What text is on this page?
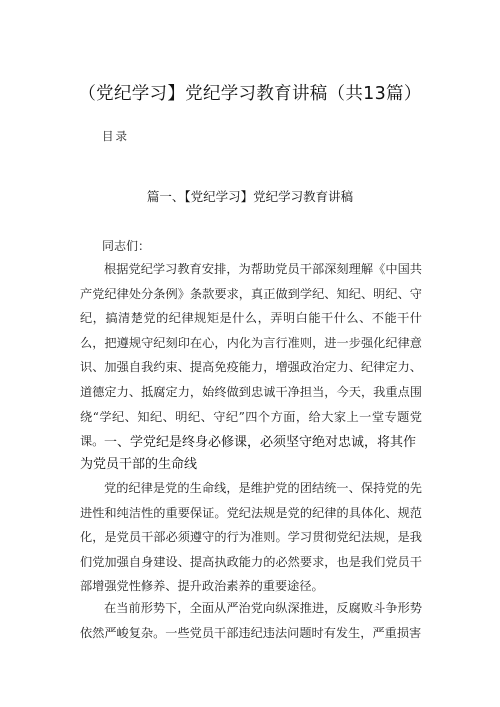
（党纪学习】党纪学习教育讲稿（共13篇）
目录
篇一、【党纪学习】党纪学习教育讲稿
同志们：

根据党纪学习教育安排，为帮助党员干部深刻理解《中国共产党纪律处分条例》条款要求，真正做到学纪、知纪、明纪、守纪，搞清楚党的纪律规矩是什么，弄明白能干什么、不能干什么，把遵规守纪刻印在心，内化为言行准则，进一步强化纪律意识、加强自我约束、提高免疫能力，增强政治定力、纪律定力、道德定力、抵腐定力，始终做到忠诚干净担当，今天，我重点围绕“学纪、知纪、明纪、守纪”四个方面，给大家上一堂专题党课。 一、学党纪是终身必修课，必须坚守绝对忠诚，将其作为党员干部的生命线

党的纪律是党的生命线，是维护党的团结统一、保持党的先进性和纯洁性的重要保证。党纪法规是党的纪律的具体化、规范化，是党员干部必须遵守的行为准则。学习贯彻党纪法规，是我们党加强自身建设、提高执政能力的必然要求，也是我们党员干部增强党性修养、提升政治素养的重要途径。

在当前形势下，全面从严治党向纵深推进，反腐败斗争形势依然严峻复杂。一些党员干部违纪违法问题时有发生，严重损害
